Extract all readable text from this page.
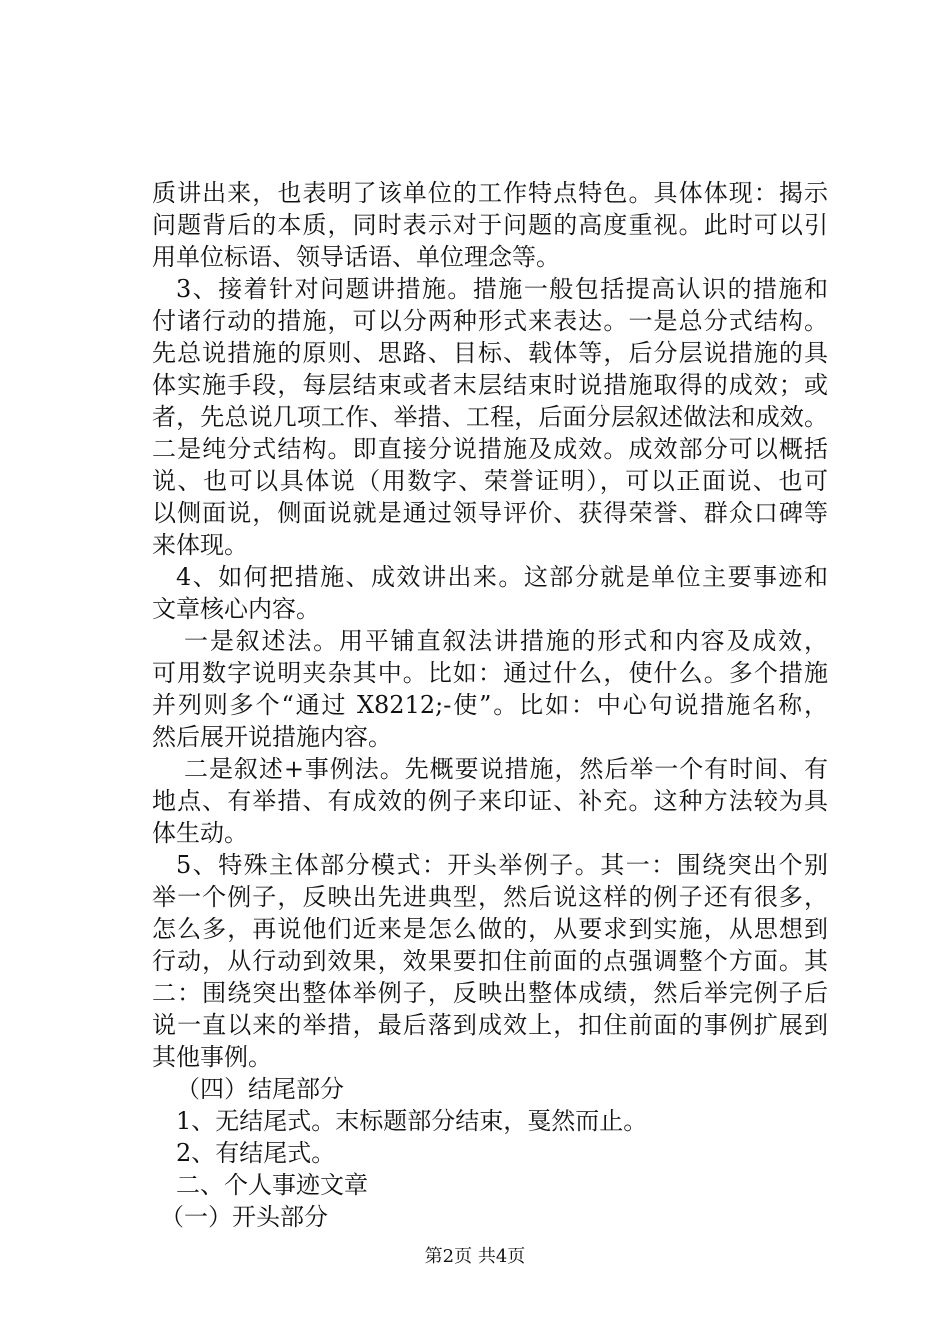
质讲出来，也表明了该单位的工作特点特色。具体体现：揭示
问题背后的本质，同时表示对于问题的高度重视。此时可以引
用单位标语、领导话语、单位理念等。
3、接着针对问题讲措施。措施一般包括提高认识的措施和
付诸行动的措施，可以分两种形式来表达。一是总分式结构。
先总说措施的原则、思路、目标、载体等，后分层说措施的具
体实施手段，每层结束或者末层结束时说措施取得的成效；或
者，先总说几项工作、举措、工程，后面分层叙述做法和成效。
二是纯分式结构。即直接分说措施及成效。成效部分可以概括
说、也可以具体说（用数字、荣誉证明），可以正面说、也可
以侧面说，侧面说就是通过领导评价、获得荣誉、群众口碑等
来体现。
4、如何把措施、成效讲出来。这部分就是单位主要事迹和
文章核心内容。
一是叙述法。用平铺直叙法讲措施的形式和内容及成效，
可用数字说明夹杂其中。比如：通过什么，使什么。多个措施
并列则多个“通过 X8212;-使”。比如：中心句说措施名称，
然后展开说措施内容。
二是叙述+事例法。先概要说措施，然后举一个有时间、有
地点、有举措、有成效的例子来印证、补充。这种方法较为具
体生动。
5、特殊主体部分模式：开头举例子。其一：围绕突出个别
举一个例子，反映出先进典型，然后说这样的例子还有很多，
怎么多，再说他们近来是怎么做的，从要求到实施，从思想到
行动，从行动到效果，效果要扣住前面的点强调整个方面。其
二：围绕突出整体举例子，反映出整体成绩，然后举完例子后
说一直以来的举措，最后落到成效上，扣住前面的事例扩展到
其他事例。
（四）结尾部分
1、无结尾式。末标题部分结束，戛然而止。
2、有结尾式。
二、个人事迹文章
（一）开头部分
第2页 共4页
